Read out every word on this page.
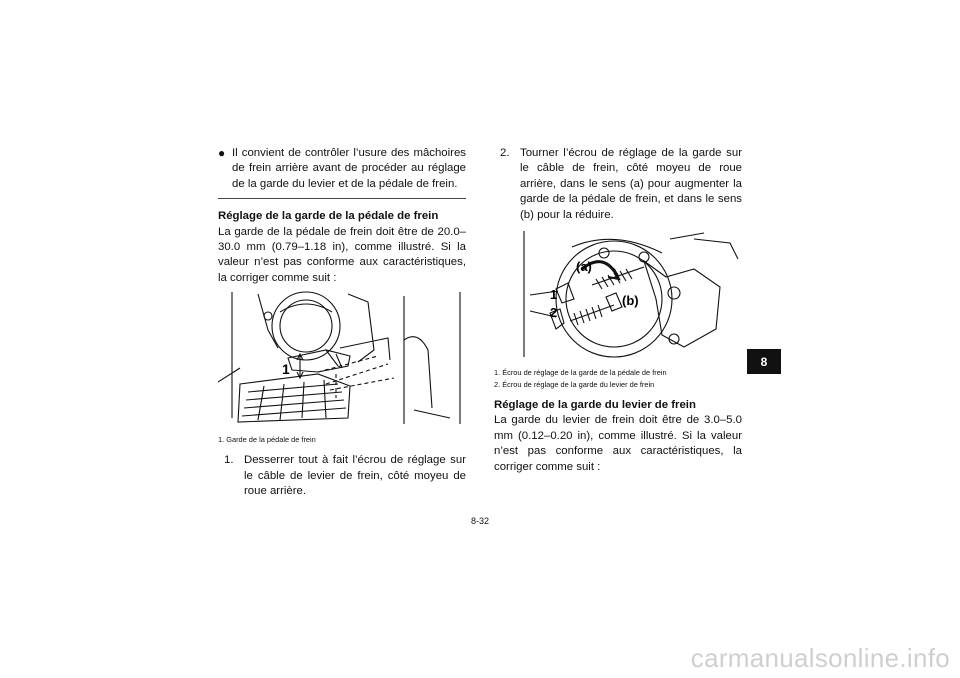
● Il convient de contrôler l’usure des mâchoires de frein arrière avant de procéder au réglage de la garde du levier et de la pédale de frein.

Réglage de la garde de la pédale de frein

La garde de la pédale de frein doit être de 20.0–30.0 mm (0.79–1.18 in), comme illustré. Si la valeur n’est pas conforme aux caractéristiques, la corriger comme suit :

1

1. Garde de la pédale de frein

1. Desserrer tout à fait l’écrou de réglage sur le câble de levier de frein, côté moyeu de roue arrière.
2. Tourner l’écrou de réglage de la garde sur le câble de frein, côté moyeu de roue arrière, dans le sens (a) pour augmenter la garde de la pédale de frein, et dans le sens (b) pour la réduire.
(a)
(b)
1
2

1. Écrou de réglage de la garde de la pédale de frein

2. Écrou de réglage de la garde du levier de frein

Réglage de la garde du levier de frein

La garde du levier de frein doit être de 3.0–5.0 mm (0.12–0.20 in), comme illustré. Si la valeur n’est pas conforme aux caractéristiques, la corriger comme suit :

8
8-32
carmanualsonline.info
